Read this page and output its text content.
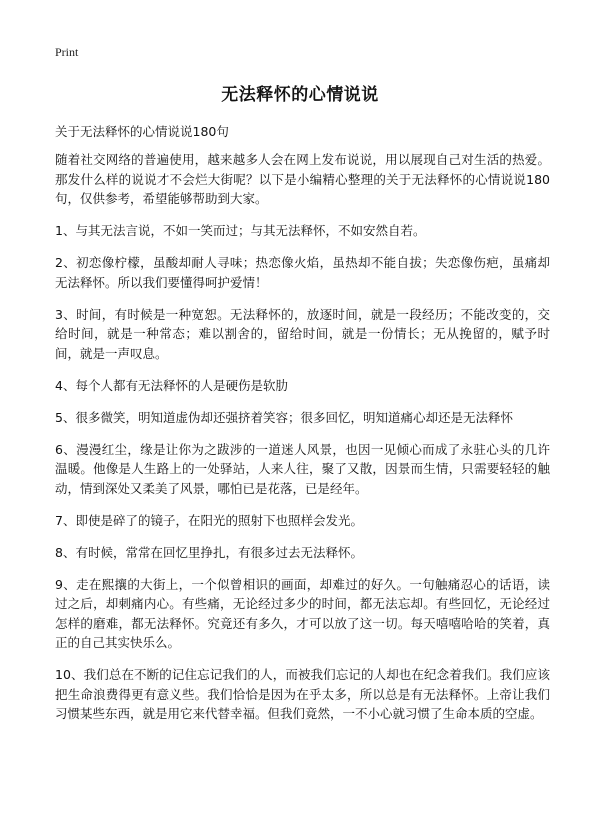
Print
无法释怀的心情说说

关于无法释怀的心情说说180句

随着社交网络的普遍使用，越来越多人会在网上发布说说，用以展现自己对生活的热爱。那发什么样的说说才不会烂大街呢？以下是小编精心整理的关于无法释怀的心情说说180句，仅供参考，希望能够帮助到大家。

1、与其无法言说，不如一笑而过；与其无法释怀，不如安然自若。

2、初恋像柠檬，虽酸却耐人寻味；热恋像火焰，虽热却不能自拔；失恋像伤疤，虽痛却无法释怀。所以我们要懂得呵护爱情！

3、时间，有时候是一种宽恕。无法释怀的，放逐时间，就是一段经历；不能改变的，交给时间，就是一种常态；难以割舍的，留给时间，就是一份情长；无从挽留的，赋予时间，就是一声叹息。

4、每个人都有无法释怀的人是硬伤是软肋

5、很多微笑，明知道虚伪却还强挤着笑容；很多回忆，明知道痛心却还是无法释怀

6、漫漫红尘，缘是让你为之跋涉的一道迷人风景，也因一见倾心而成了永驻心头的几许温暖。他像是人生路上的一处驿站，人来人往，聚了又散，因景而生情，只需要轻轻的触动，情到深处又柔美了风景，哪怕已是花落，已是经年。

7、即使是碎了的镜子，在阳光的照射下也照样会发光。

8、有时候，常常在回忆里挣扎，有很多过去无法释怀。

9、走在熙攘的大街上，一个似曾相识的画面，却难过的好久。一句触痛忍心的话语，读过之后，却刺痛内心。有些痛，无论经过多少的时间，都无法忘却。有些回忆，无论经过怎样的磨难，都无法释怀。究竟还有多久，才可以放了这一切。每天嘻嘻哈哈的笑着，真正的自己其实快乐么。

10、我们总在不断的记住忘记我们的人，而被我们忘记的人却也在纪念着我们。我们应该把生命浪费得更有意义些。我们恰恰是因为在乎太多，所以总是有无法释怀。上帝让我们习惯某些东西，就是用它来代替幸福。但我们竟然，一不小心就习惯了生命本质的空虚。
